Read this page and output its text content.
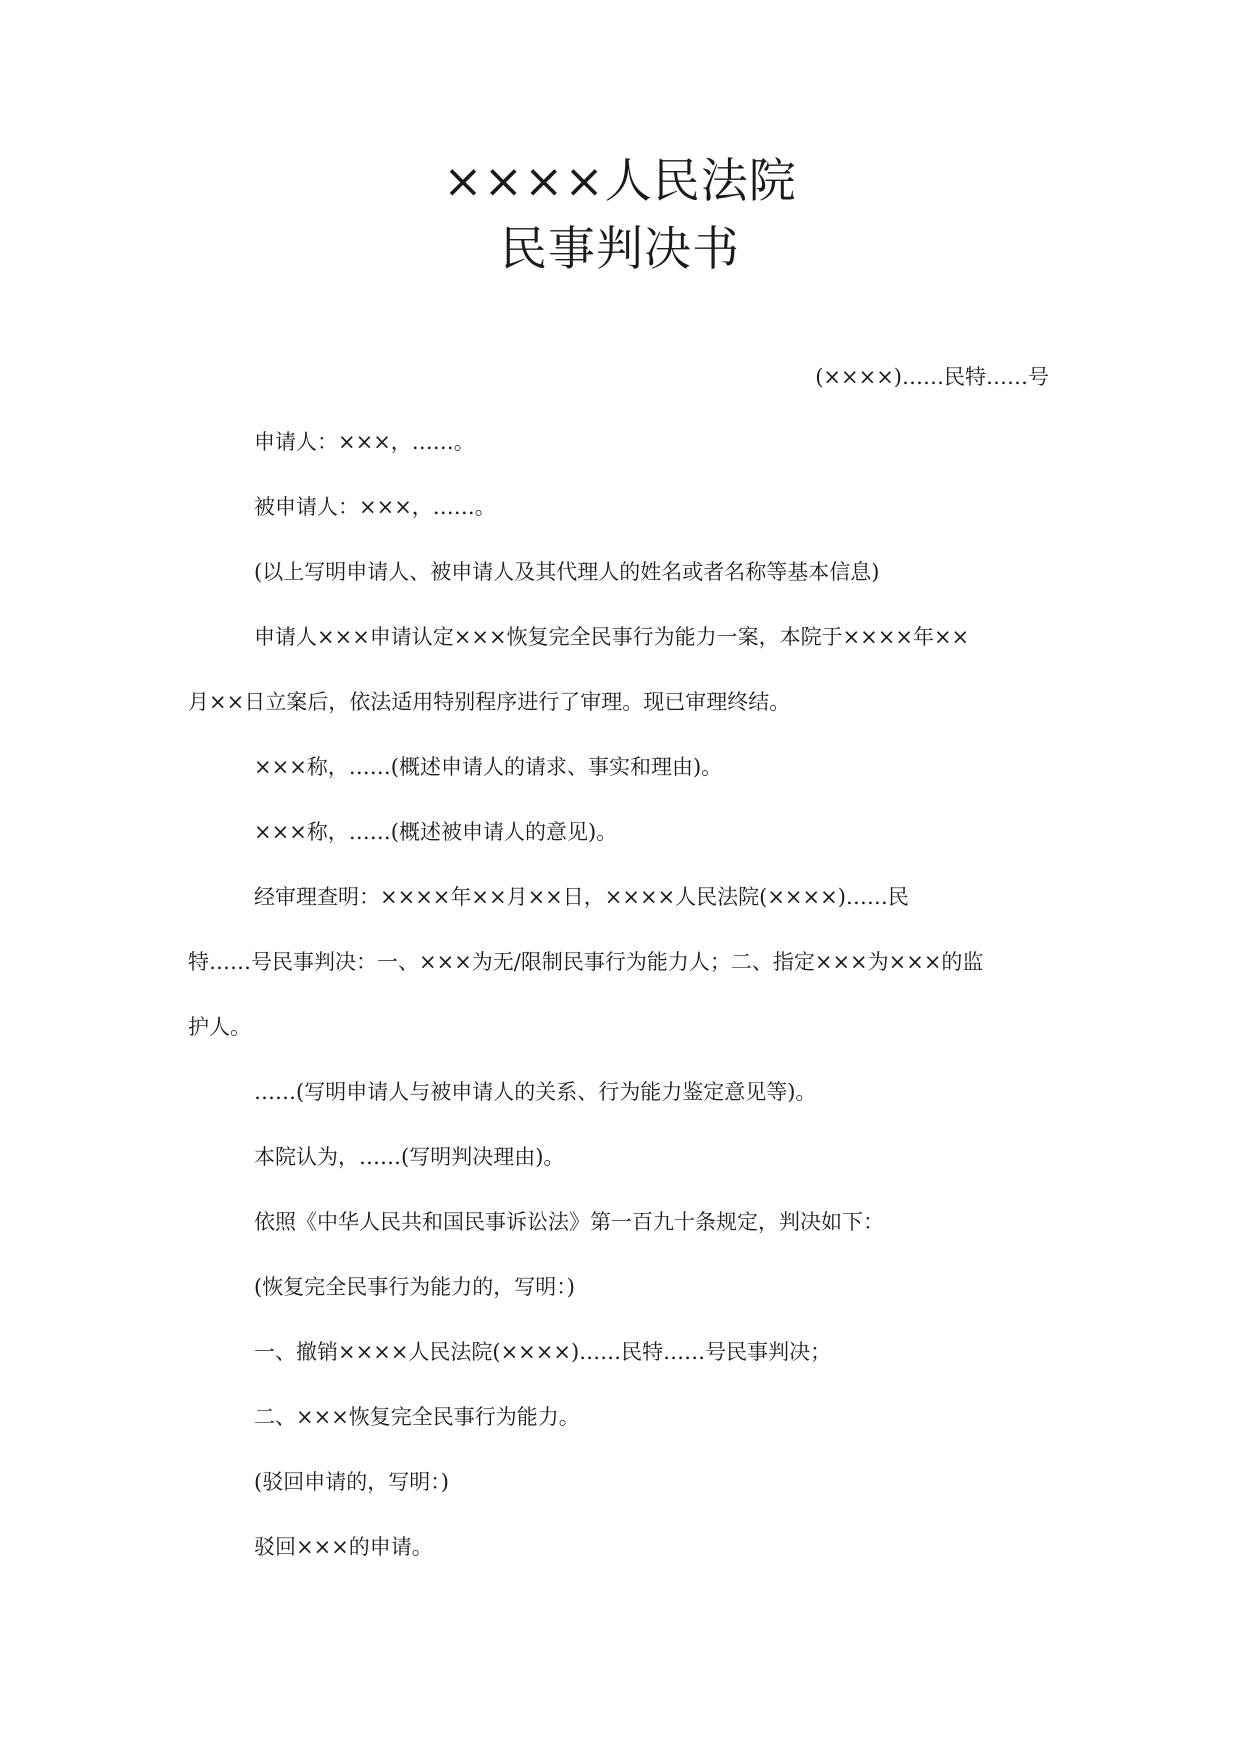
××××人民法院
民事判决书
(××××)……民特……号
申请人：×××，……。
被申请人：×××，……。
(以上写明申请人、被申请人及其代理人的姓名或者名称等基本信息)
申请人×××申请认定×××恢复完全民事行为能力一案，本院于××××年××
月××日立案后，依法适用特别程序进行了审理。现已审理终结。
×××称，……(概述申请人的请求、事实和理由)。
×××称，……(概述被申请人的意见)。
经审理查明：××××年××月××日，××××人民法院(××××)……民
特……号民事判决：一、×××为无/限制民事行为能力人；二、指定×××为×××的监
护人。
……(写明申请人与被申请人的关系、行为能力鉴定意见等)。
本院认为，……(写明判决理由)。
依照《中华人民共和国民事诉讼法》第一百九十条规定，判决如下：
(恢复完全民事行为能力的，写明：)
一、撤销××××人民法院(××××)……民特……号民事判决；
二、×××恢复完全民事行为能力。
(驳回申请的，写明：)
驳回×××的申请。
